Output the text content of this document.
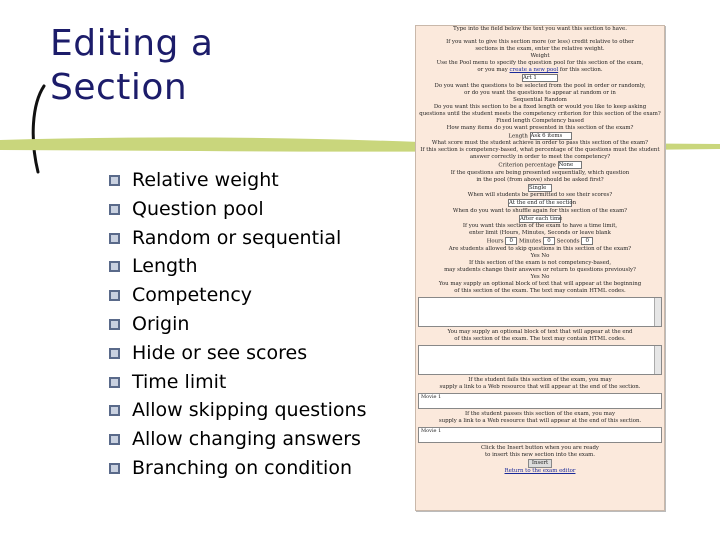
Editing a
Section
Relative weight
Question pool
Random or sequential
Length
Competency
Origin
Hide or see scores
Time limit
Allow skipping questions
Allow changing answers
Branching on condition
Type into the field below the text you want this section to have.
If you want to give this section more (or less) credit relative to other
sections in the exam, enter the relative weight.
Weight
Use the Pool menu to specify the question pool for this section of the exam,
or you may create a new pool for this section.
Art 1
Do you want the questions to be selected from the pool in order or randomly,
or do you want the questions to appear at random or in
Sequential Random
Do you want this section to be a fixed length or would you like to keep asking
questions until the student meets the competency criterion for this section of the exam?
Fixed length Competency based
How many items do you want presented in this section of the exam?
Length Ask 6 items
What score must the student achieve in order to pass this section of the exam?
If this section is competency-based, what percentage of the questions must the student
answer correctly in order to meet the competency?
Criterion percentage None
If the questions are being presented sequentially, which question
in the pool (from above) should be asked first?
Single
When will students be permitted to see their scores?
At the end of the section
When do you want to shuffle again for this section of the exam?
After each time
If you want this section of the exam to have a time limit,
enter limit (Hours, Minutes, Seconds or leave blank
Hours 0 Minutes 0 Seconds 0
Are students allowed to skip questions in this section of the exam?
Yes No
If this section of the exam is not competency-based,
may students change their answers or return to questions previously?
Yes No
You may supply an optional block of text that will appear at the beginning
of this section of the exam. The text may contain HTML codes.
You may supply an optional block of text that will appear at the end
of this section of the exam. The text may contain HTML codes.
If the student fails this section of the exam, you may
supply a link to a Web resource that will appear at the end of the section.
Movie 1
If the student passes this section of the exam, you may
supply a link to a Web resource that will appear at the end of this section.
Movie 1
Click the Insert button when you are ready
to insert this new section into the exam.
Insert
Return to the exam editor
